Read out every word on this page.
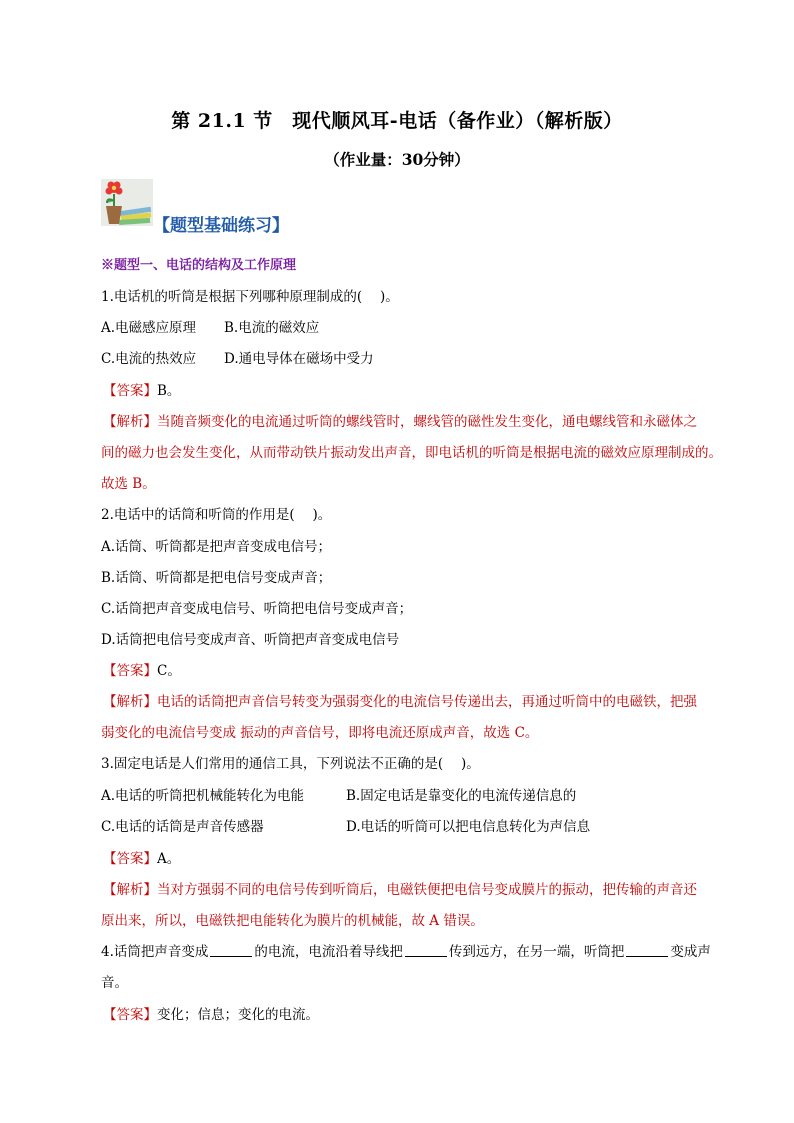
第 21.1 节　现代顺风耳-电话（备作业）（解析版）
（作业量：30分钟）
【题型基础练习】
※题型一、电话的结构及工作原理
1.电话机的听筒是根据下列哪种原理制成的(　 )。
A.电磁感应原理 B.电流的磁效应
C.电流的热效应 D.通电导体在磁场中受力
【答案】B。
【解析】当随音频变化的电流通过听筒的螺线管时，螺线管的磁性发生变化，通电螺线管和永磁体之
间的磁力也会发生变化，从而带动铁片振动发出声音，即电话机的听筒是根据电流的磁效应原理制成的。
故选 B。
2.电话中的话筒和听筒的作用是(　 )。
A.话筒、听筒都是把声音变成电信号；
B.话筒、听筒都是把电信号变成声音；
C.话筒把声音变成电信号、听筒把电信号变成声音；
D.话筒把电信号变成声音、听筒把声音变成电信号
【答案】C。
【解析】电话的话筒把声音信号转变为强弱变化的电流信号传递出去，再通过听筒中的电磁铁，把强
弱变化的电流信号变成 振动的声音信号，即将电流还原成声音，故选 C。
3.固定电话是人们常用的通信工具，下列说法不正确的是(　 )。
A.电话的听筒把机械能转化为电能	B.固定电话是靠变化的电流传递信息的
C.电话的话筒是声音传感器	D.电话的听筒可以把电信息转化为声信息
【答案】A。
【解析】当对方强弱不同的电信号传到听筒后，电磁铁便把电信号变成膜片的振动，把传输的声音还
原出来，所以，电磁铁把电能转化为膜片的机械能，故 A 错误。
4.话筒把声音变成	的电流，电流沿着导线把	传到远方，在另一端，听筒把	变成声
音。
【答案】变化；信息；变化的电流。
